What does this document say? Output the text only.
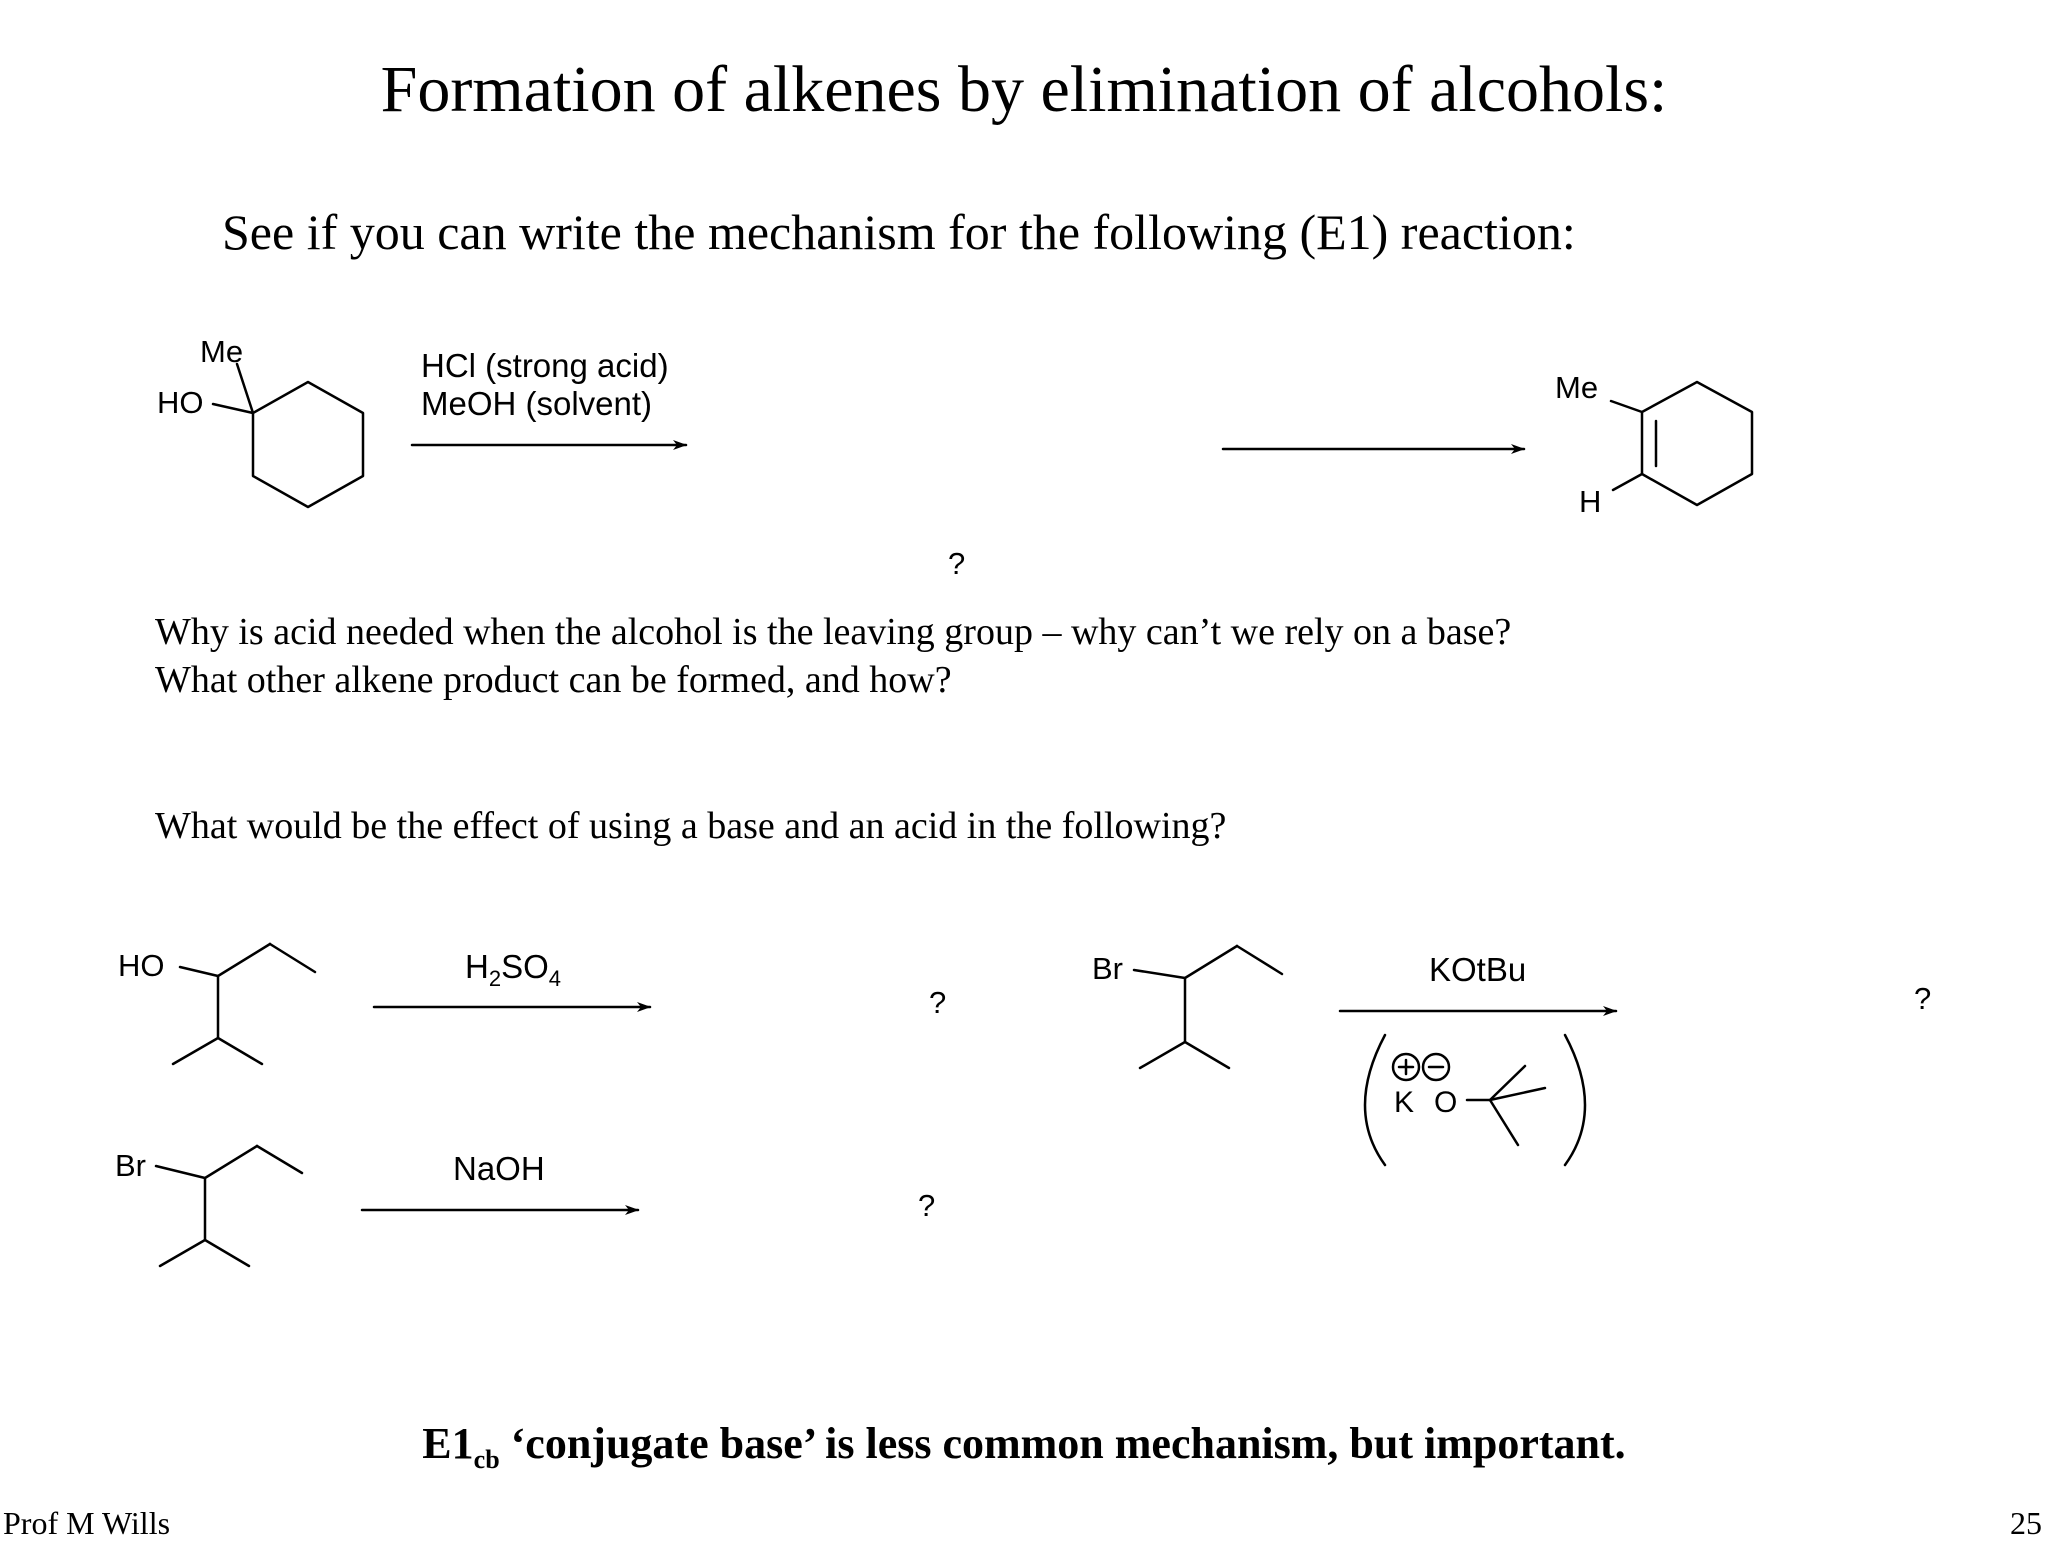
Formation of alkenes by elimination of alcohols:
See if you can write the mechanism for the following (E1) reaction:
Why is acid needed when the alcohol is the leaving group – why can’t we rely on a base?
What other alkene product can be formed, and how?
What would be the effect of using a base and an acid in the following?
Me
HO
HCl (strong acid)
MeOH (solvent)	Me
H
?
HO	$H_2SO_4$
?
Br	NaOH
?
Br	KOtBu
K O
?
$E1_{cb}$ ‘conjugate base’ is less common mechanism, but important.
Prof M Wills	25
